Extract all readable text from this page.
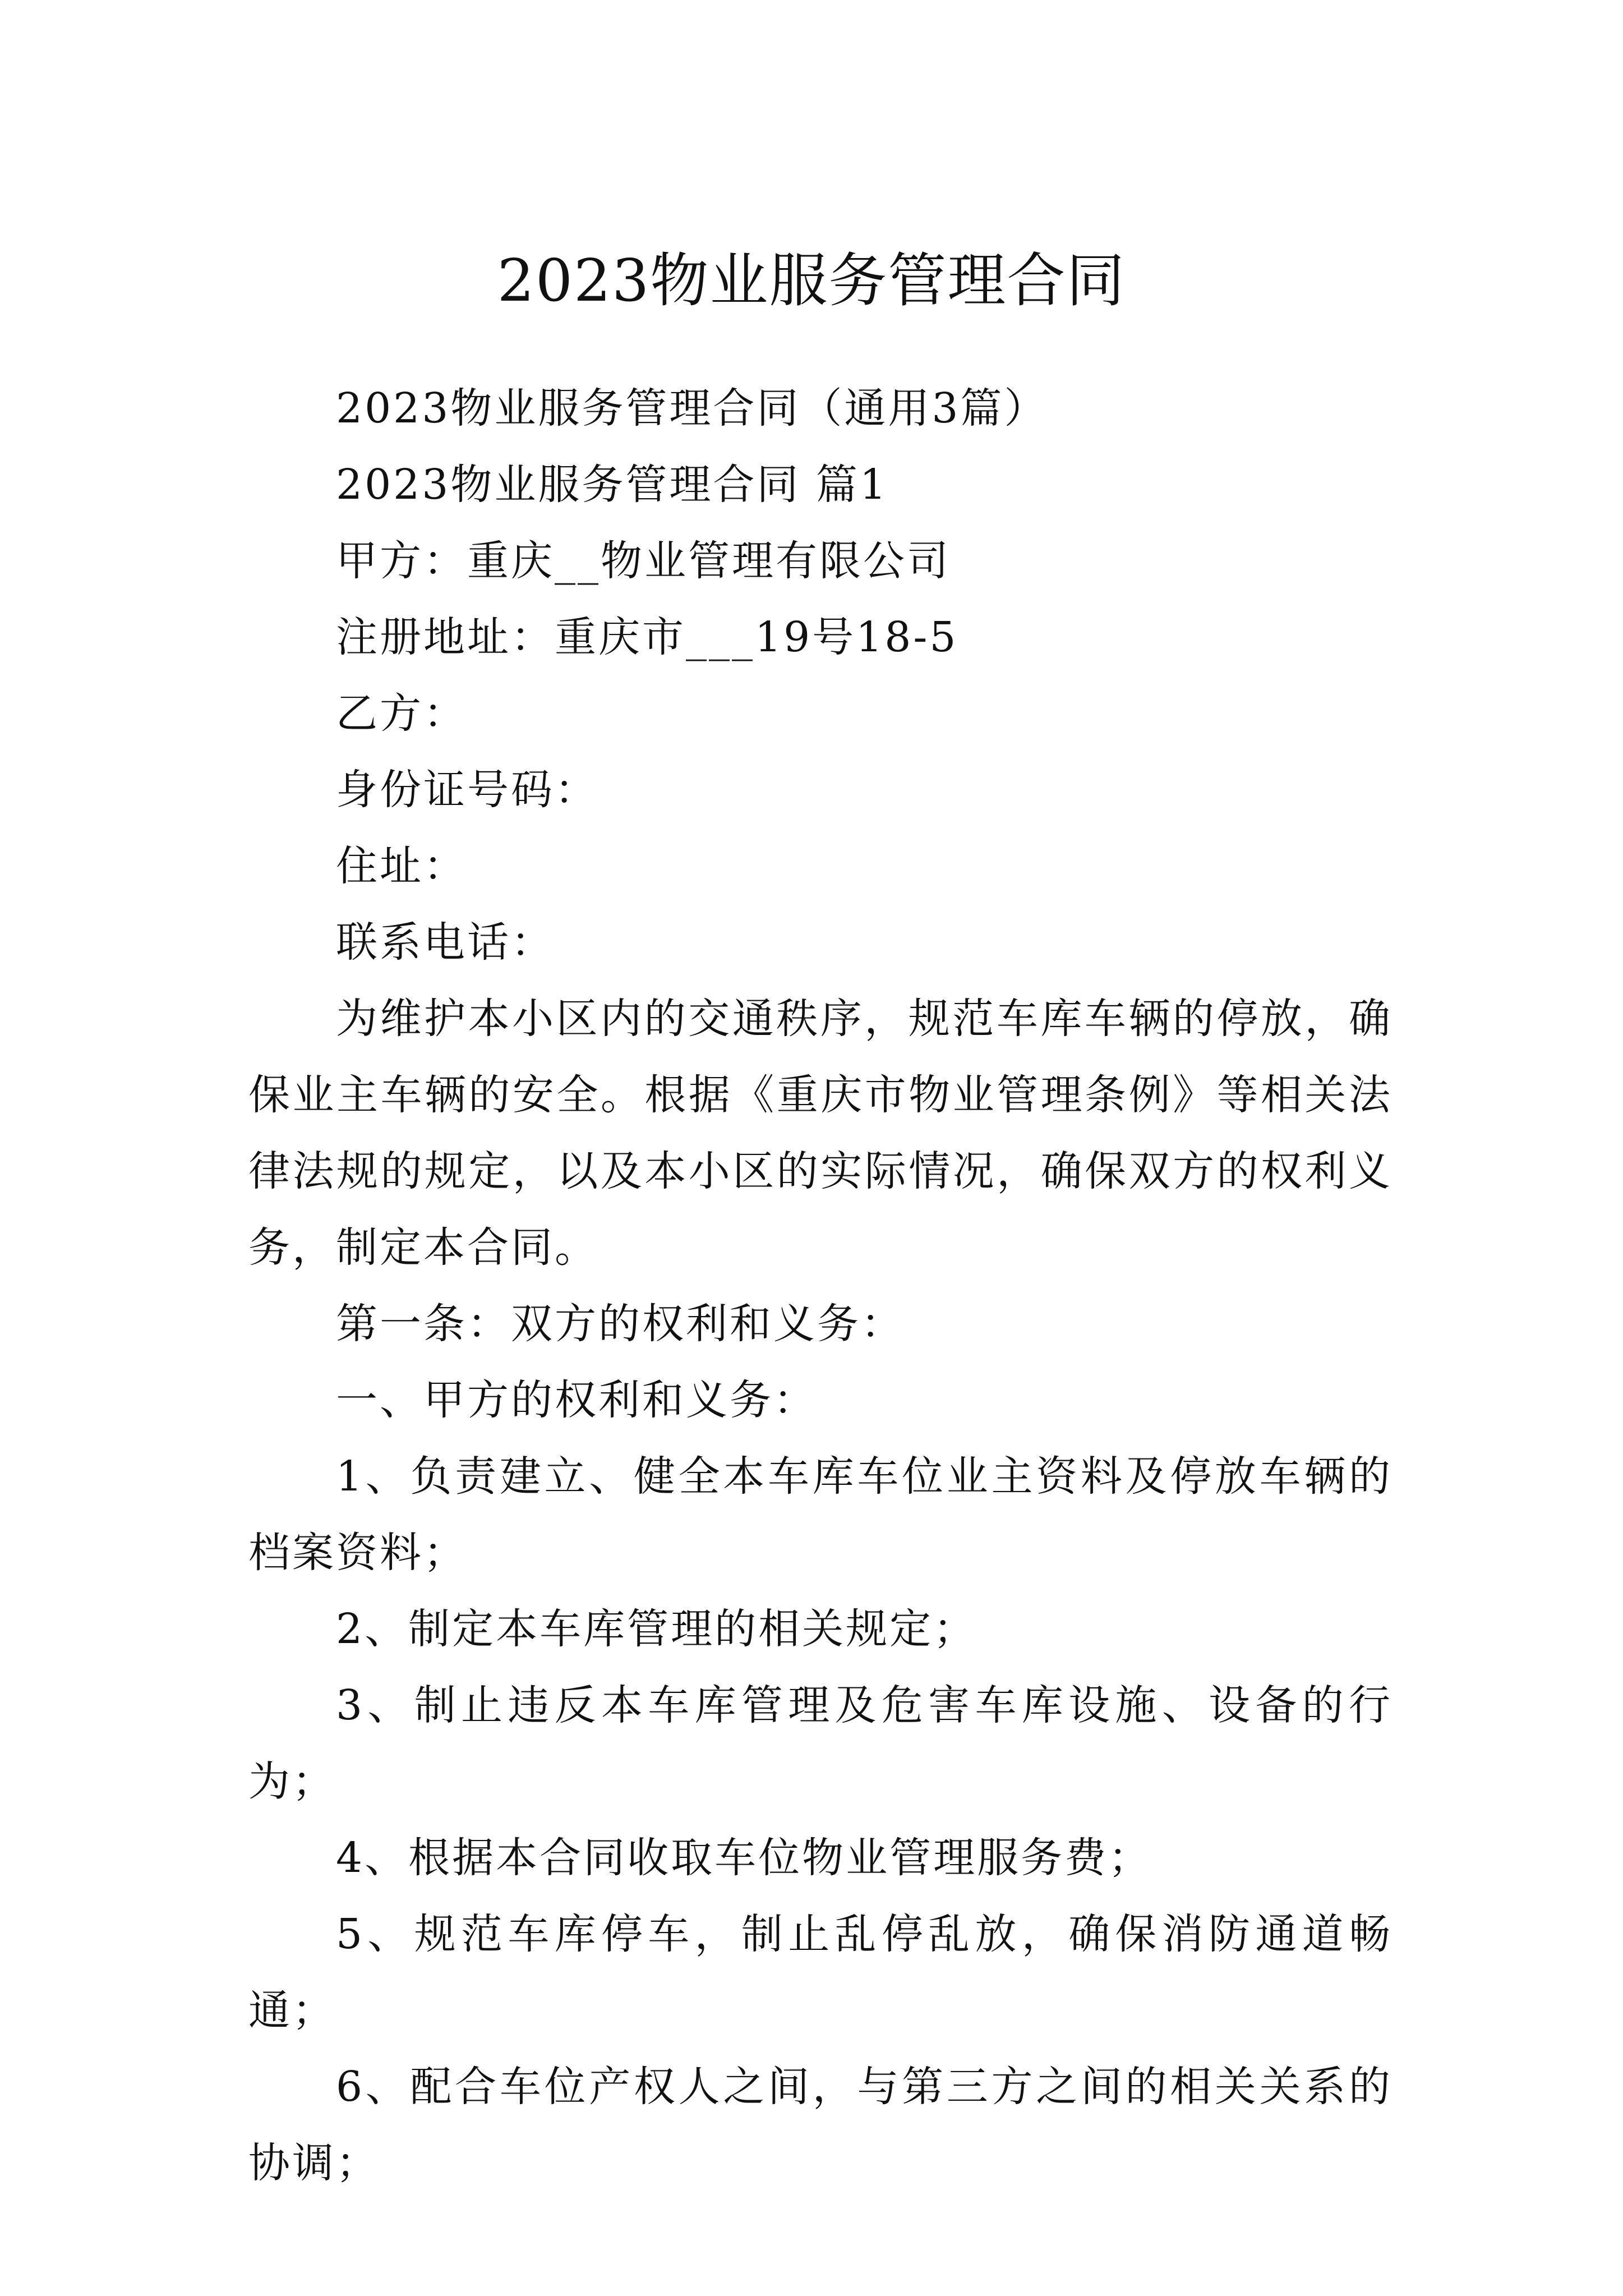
2023物业服务管理合同

2023物业服务管理合同（通用3篇）

2023物业服务管理合同 篇1

甲方：重庆__物业管理有限公司

注册地址：重庆市___19号18-5

乙方：

身份证号码：

住址：

联系电话：

为维护本小区内的交通秩序，规范车库车辆的停放，确保业主车辆的安全。根据《重庆市物业管理条例》等相关法律法规的规定，以及本小区的实际情况，确保双方的权利义务，制定本合同。

第一条：双方的权利和义务：

一、甲方的权利和义务：

1、负责建立、健全本车库车位业主资料及停放车辆的档案资料；

2、制定本车库管理的相关规定；

3、制止违反本车库管理及危害车库设施、设备的行为；

4、根据本合同收取车位物业管理服务费；

5、规范车库停车，制止乱停乱放，确保消防通道畅通；

6、配合车位产权人之间，与第三方之间的相关关系的协调；
